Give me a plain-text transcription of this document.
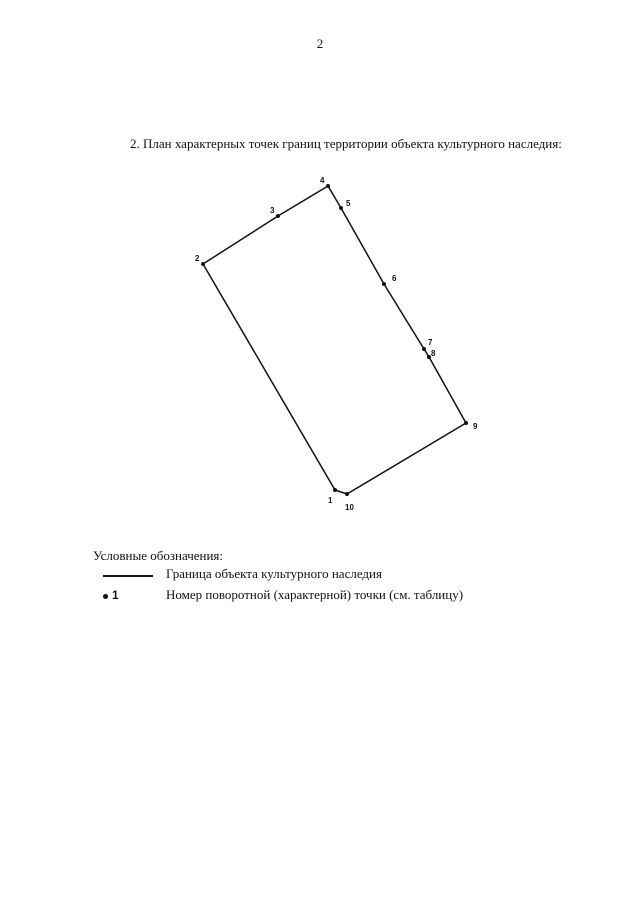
2
2. План характерных точек границ территории объекта культурного наследия:
1
2
3
4
5
6
7
8
9
10
Условные обозначения:
Граница объекта культурного наследия
1	Номер поворотной (характерной) точки (см. таблицу)
